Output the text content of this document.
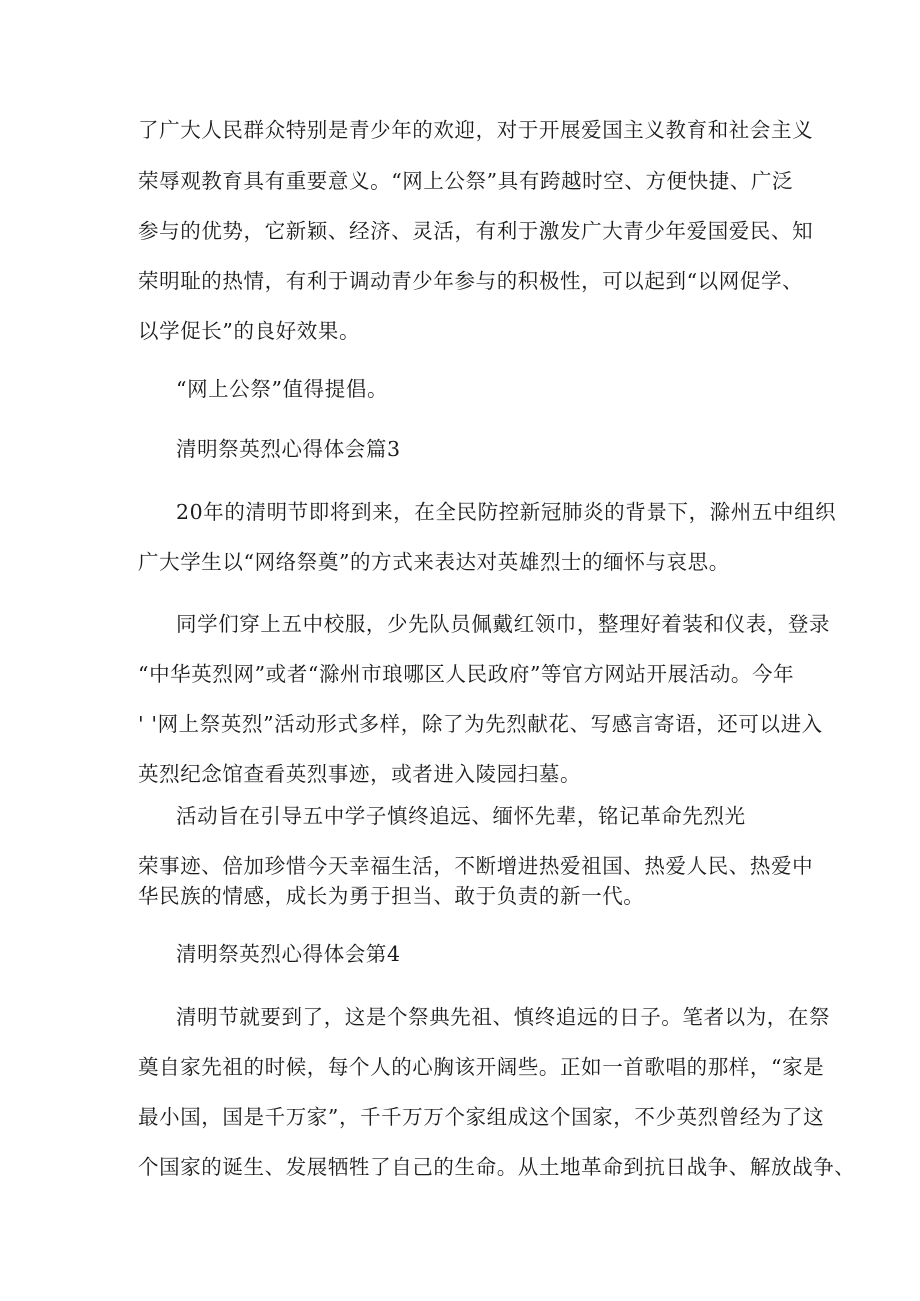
了广大人民群众特别是青少年的欢迎，对于开展爱国主义教育和社会主义
荣辱观教育具有重要意义。“网上公祭”具有跨越时空、方便快捷、广泛
参与的优势，它新颖、经济、灵活，有利于激发广大青少年爱国爱民、知
荣明耻的热情，有利于调动青少年参与的积极性，可以起到“以网促学、
以学促长”的良好效果。
“网上公祭”值得提倡。
清明祭英烈心得体会篇3
20年的清明节即将到来，在全民防控新冠肺炎的背景下，滁州五中组织
广大学生以“网络祭奠”的方式来表达对英雄烈士的缅怀与哀思。
同学们穿上五中校服，少先队员佩戴红领巾，整理好着装和仪表，登录
“中华英烈网”或者“滁州市琅哪区人民政府”等官方网站开展活动。今年
' '网上祭英烈”活动形式多样，除了为先烈献花、写感言寄语，还可以进入
英烈纪念馆查看英烈事迹，或者进入陵园扫墓。
活动旨在引导五中学子慎终追远、缅怀先辈，铭记革命先烈光
荣事迹、倍加珍惜今天幸福生活，不断增进热爱祖国、热爱人民、热爱中
华民族的情感，成长为勇于担当、敢于负责的新一代。
清明祭英烈心得体会第4
清明节就要到了，这是个祭典先祖、慎终追远的日子。笔者以为，在祭
奠自家先祖的时候，每个人的心胸该开阔些。正如一首歌唱的那样，“家是
最小国，国是千万家”，千千万万个家组成这个国家，不少英烈曾经为了这
个国家的诞生、发展牺牲了自己的生命。从土地革命到抗日战争、解放战争、
